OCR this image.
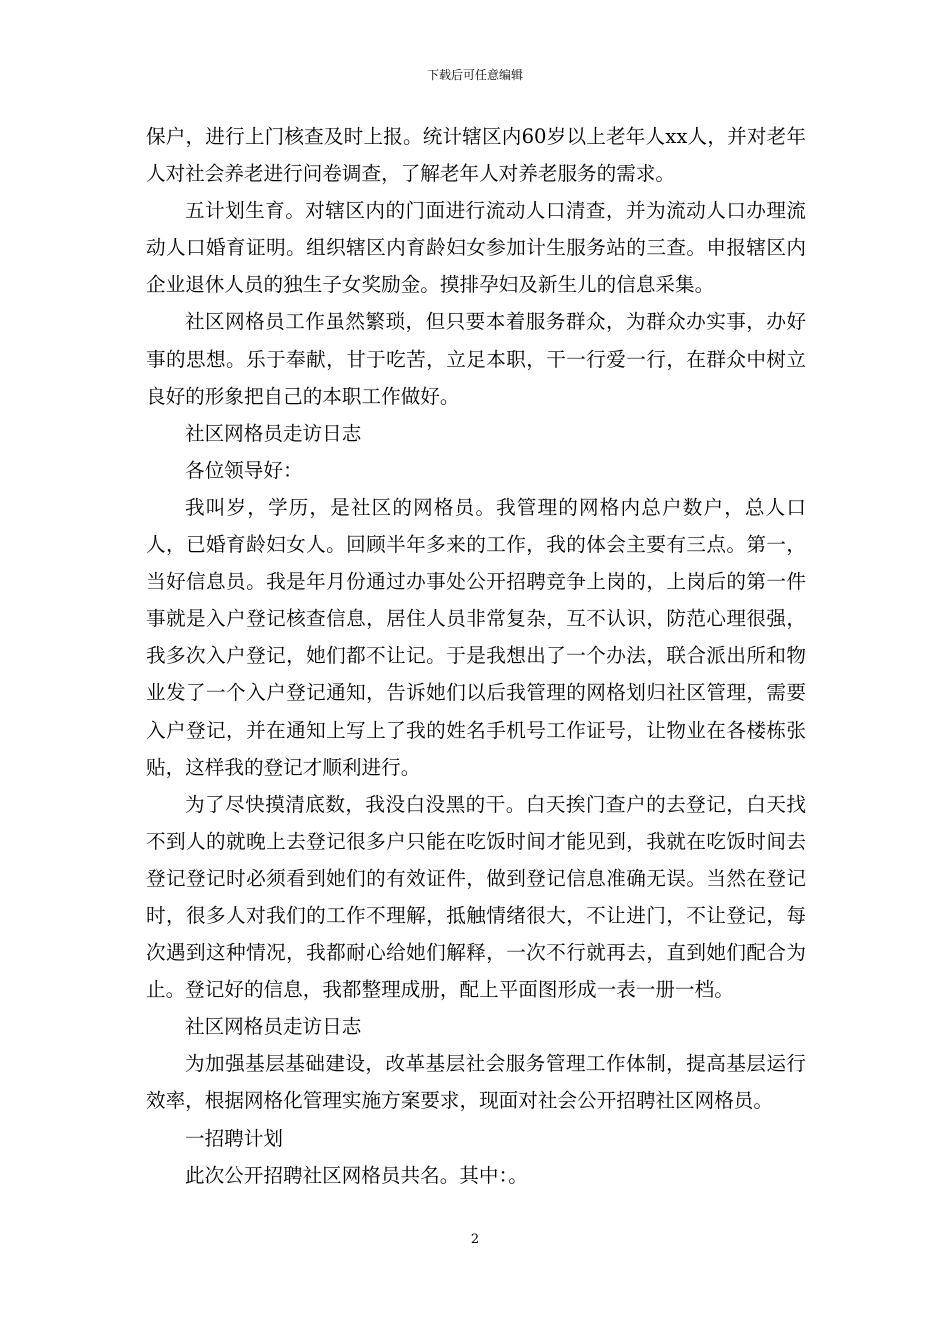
下载后可任意编辑

保户，进行上门核查及时上报。统计辖区内60岁以上老年人xx人，并对老年人对社会养老进行问卷调查，了解老年人对养老服务的需求。

五计划生育。对辖区内的门面进行流动人口清查，并为流动人口办理流动人口婚育证明。组织辖区内育龄妇女参加计生服务站的三查。申报辖区内企业退休人员的独生子女奖励金。摸排孕妇及新生儿的信息采集。

社区网格员工作虽然繁琐，但只要本着服务群众，为群众办实事，办好事的思想。乐于奉献，甘于吃苦，立足本职，干一行爱一行，在群众中树立良好的形象把自己的本职工作做好。

社区网格员走访日志

各位领导好：

我叫岁，学历，是社区的网格员。我管理的网格内总户数户，总人口人，已婚育龄妇女人。回顾半年多来的工作，我的体会主要有三点。第一，当好信息员。我是年月份通过办事处公开招聘竞争上岗的，上岗后的第一件事就是入户登记核查信息，居住人员非常复杂，互不认识，防范心理很强，我多次入户登记，她们都不让记。于是我想出了一个办法，联合派出所和物业发了一个入户登记通知，告诉她们以后我管理的网格划归社区管理，需要入户登记，并在通知上写上了我的姓名手机号工作证号，让物业在各楼栋张贴，这样我的登记才顺利进行。

为了尽快摸清底数，我没白没黑的干。白天挨门查户的去登记，白天找不到人的就晚上去登记很多户只能在吃饭时间才能见到，我就在吃饭时间去登记登记时必须看到她们的有效证件，做到登记信息准确无误。当然在登记时，很多人对我们的工作不理解，抵触情绪很大，不让进门，不让登记，每次遇到这种情况，我都耐心给她们解释，一次不行就再去，直到她们配合为止。登记好的信息，我都整理成册，配上平面图形成一表一册一档。

社区网格员走访日志

为加强基层基础建设，改革基层社会服务管理工作体制，提高基层运行效率，根据网格化管理实施方案要求，现面对社会公开招聘社区网格员。

一招聘计划

此次公开招聘社区网格员共名。其中：。

2
